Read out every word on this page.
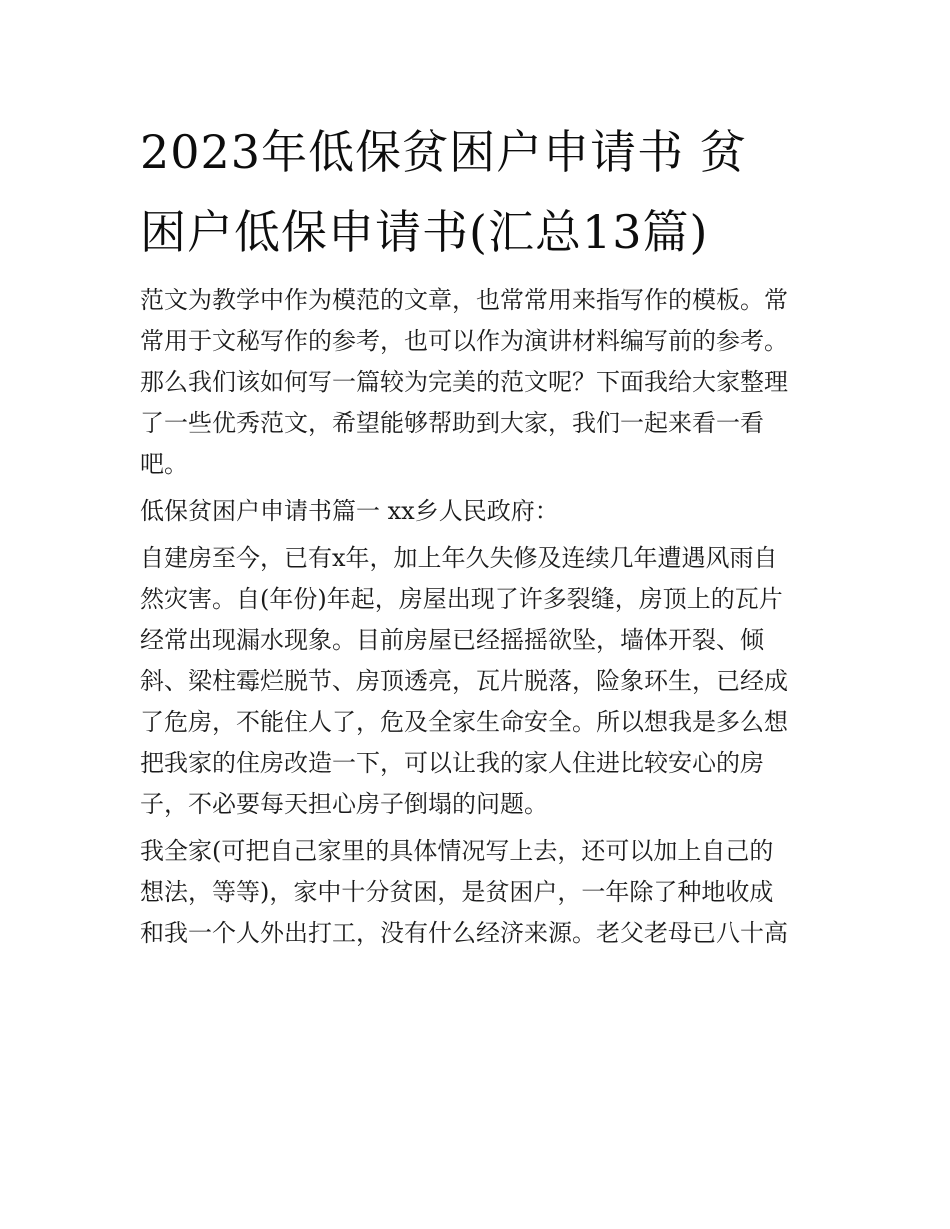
2023年低保贫困户申请书 贫
困户低保申请书(汇总13篇)

范文为教学中作为模范的文章，也常常用来指写作的模板。常
常用于文秘写作的参考，也可以作为演讲材料编写前的参考。
那么我们该如何写一篇较为完美的范文呢？下面我给大家整理
了一些优秀范文，希望能够帮助到大家，我们一起来看一看
吧。

低保贫困户申请书篇一 xx乡人民政府：

自建房至今，已有x年，加上年久失修及连续几年遭遇风雨自
然灾害。自(年份)年起，房屋出现了许多裂缝，房顶上的瓦片
经常出现漏水现象。目前房屋已经摇摇欲坠，墙体开裂、倾
斜、梁柱霉烂脱节、房顶透亮，瓦片脱落，险象环生，已经成
了危房，不能住人了，危及全家生命安全。所以想我是多么想
把我家的住房改造一下，可以让我的家人住进比较安心的房
子，不必要每天担心房子倒塌的问题。

我全家(可把自己家里的具体情况写上去，还可以加上自己的
想法，等等)，家中十分贫困，是贫困户，一年除了种地收成
和我一个人外出打工，没有什么经济来源。老父老母已八十高
